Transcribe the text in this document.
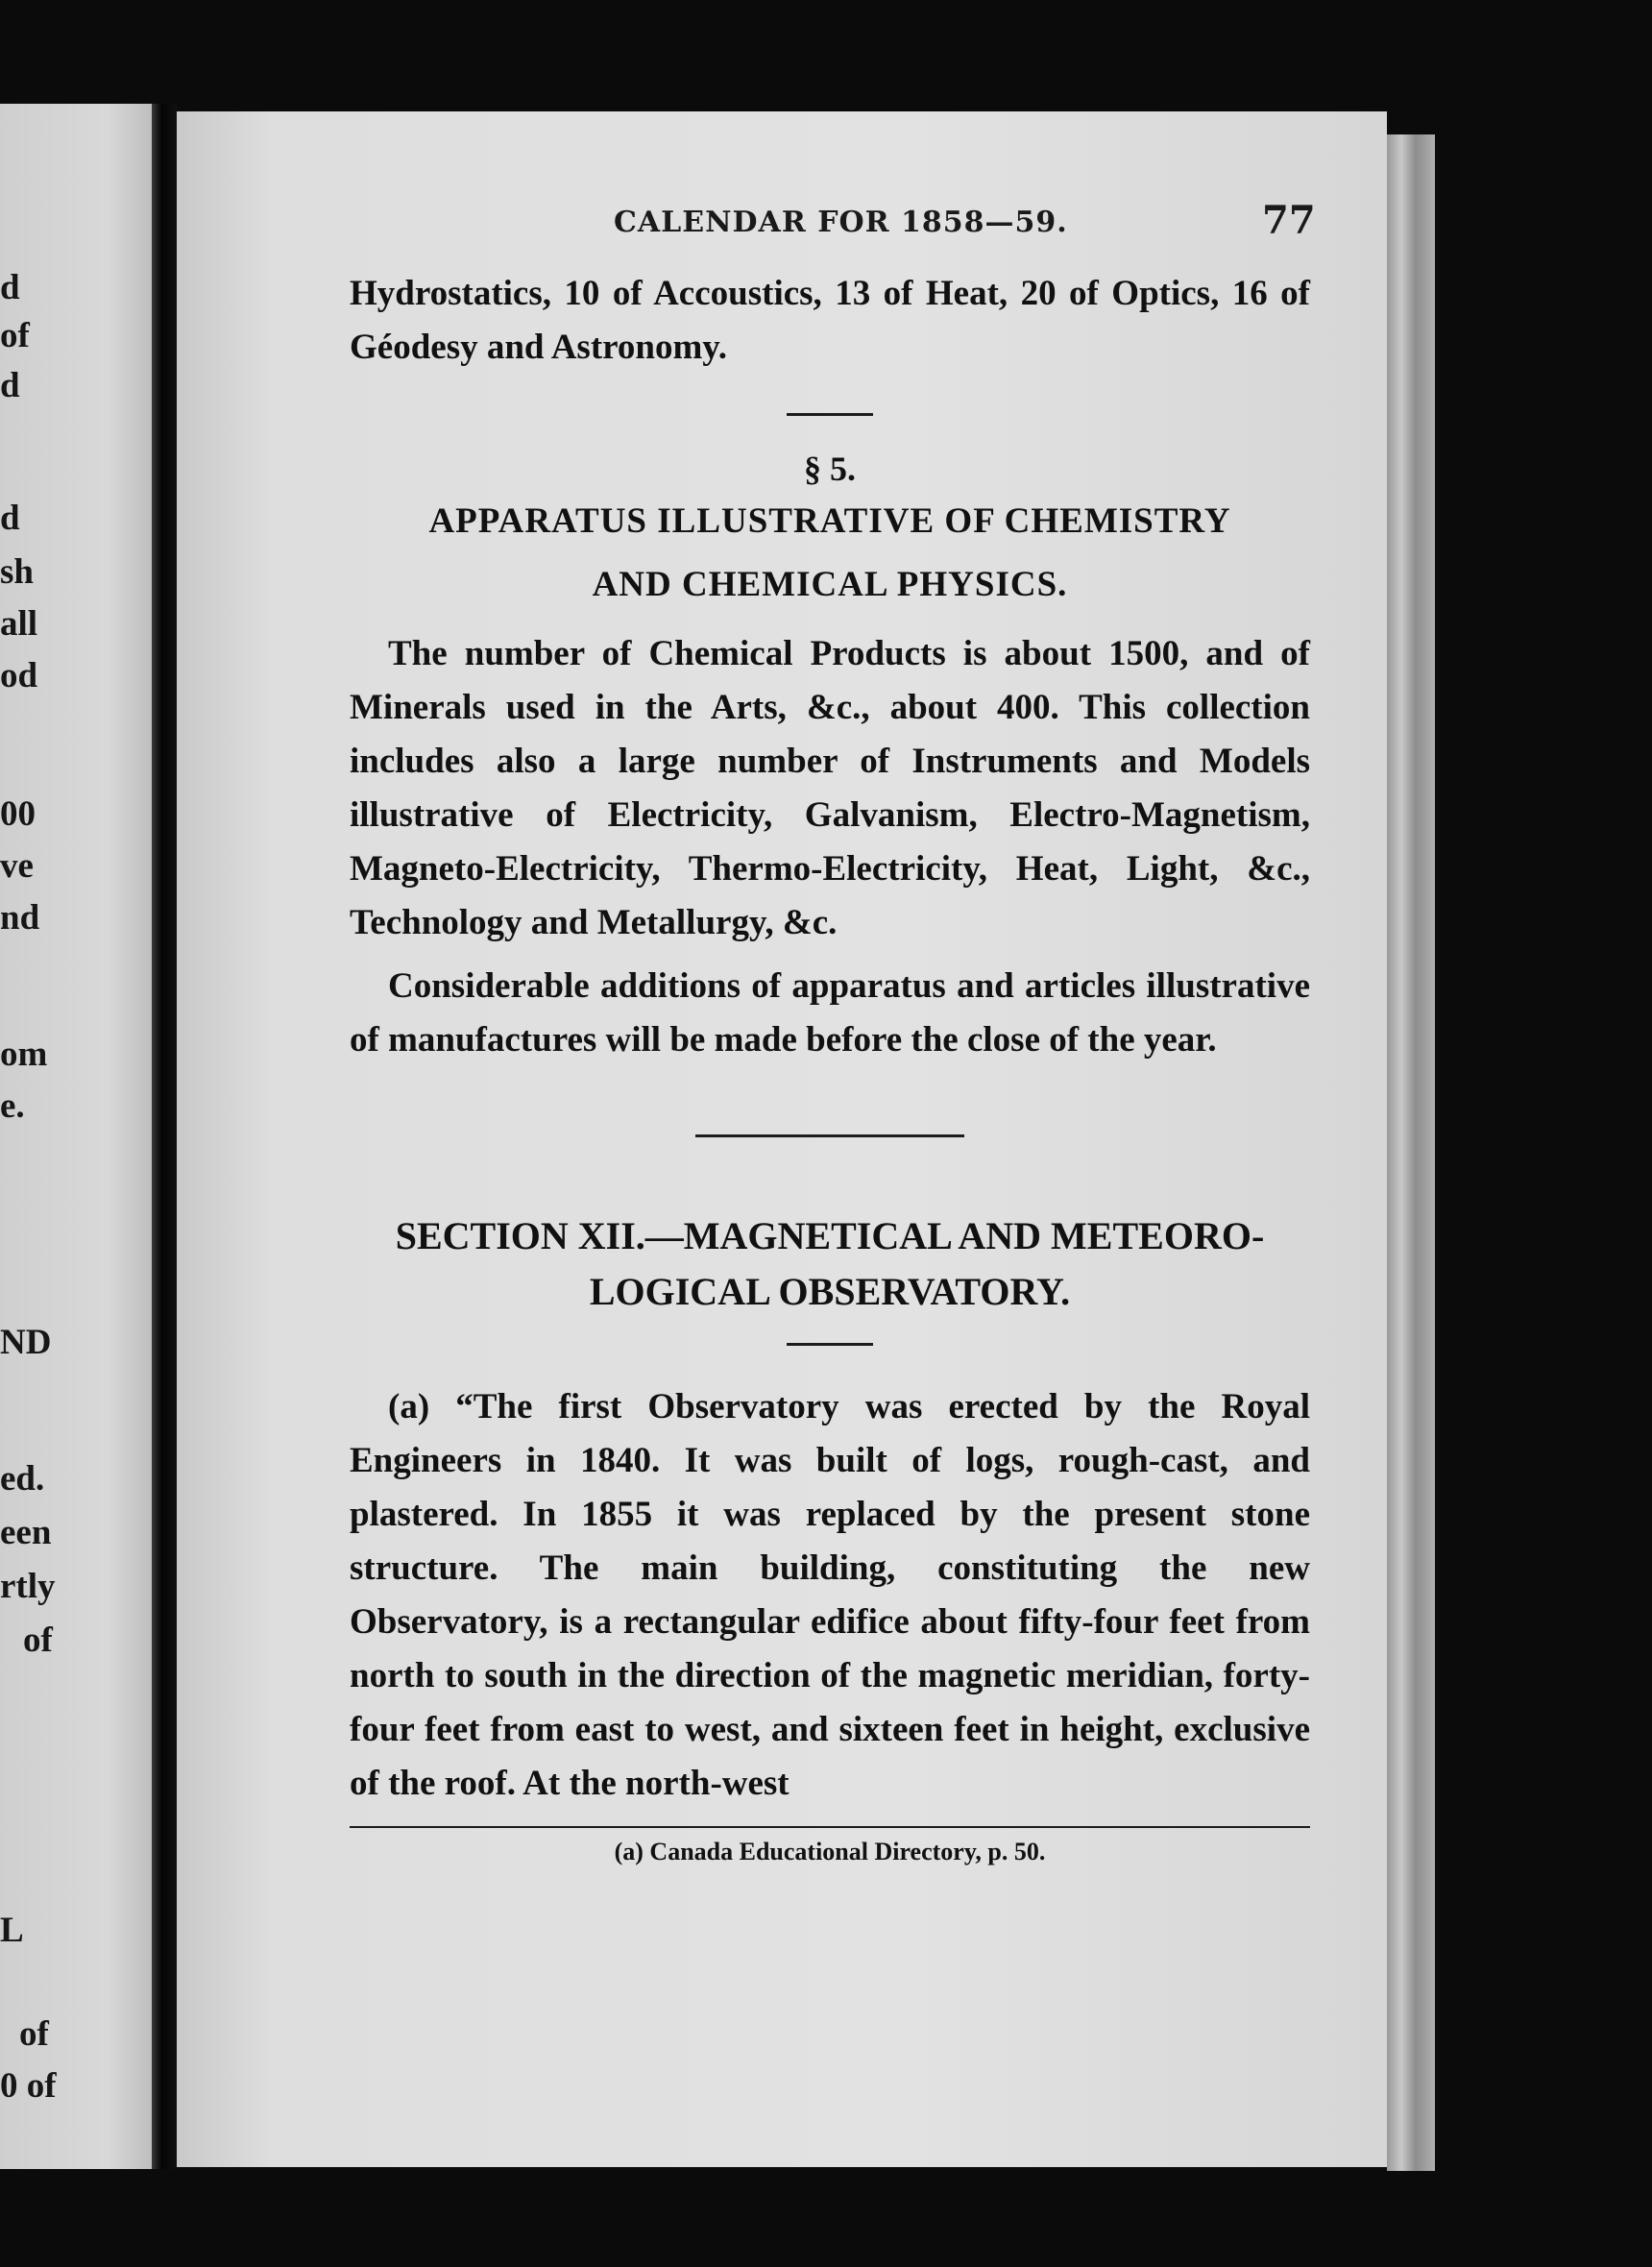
d
of
d
d
sh
all
od
00
ve
nd
om
e.
ND
ed.
een
rtly
of
L
of
0 of
CALENDAR FOR 1858—59.	77

Hydrostatics, 10 of Accoustics, 13 of Heat, 20 of Optics, 16 of Géodesy and Astronomy.

§ 5.
APPARATUS ILLUSTRATIVE OF CHEMISTRY
AND CHEMICAL PHYSICS.

The number of Chemical Products is about 1500, and of Minerals used in the Arts, &c., about 400. This collection includes also a large number of Instruments and Models illustrative of Electricity, Galvanism, Electro-Magnetism, Magneto-Electricity, Thermo-Electricity, Heat, Light, &c., Technology and Metallurgy, &c.

Considerable additions of apparatus and articles illustrative of manufactures will be made before the close of the year.

SECTION XII.—MAGNETICAL AND METEORO-
LOGICAL OBSERVATORY.

(a) “The first Observatory was erected by the Royal Engineers in 1840. It was built of logs, rough-cast, and plastered. In 1855 it was replaced by the present stone structure. The main building, constituting the new Observatory, is a rectangular edifice about fifty-four feet from north to south in the direction of the magnetic meridian, forty-four feet from east to west, and sixteen feet in height, exclusive of the roof. At the north-west

(a) Canada Educational Directory, p. 50.
